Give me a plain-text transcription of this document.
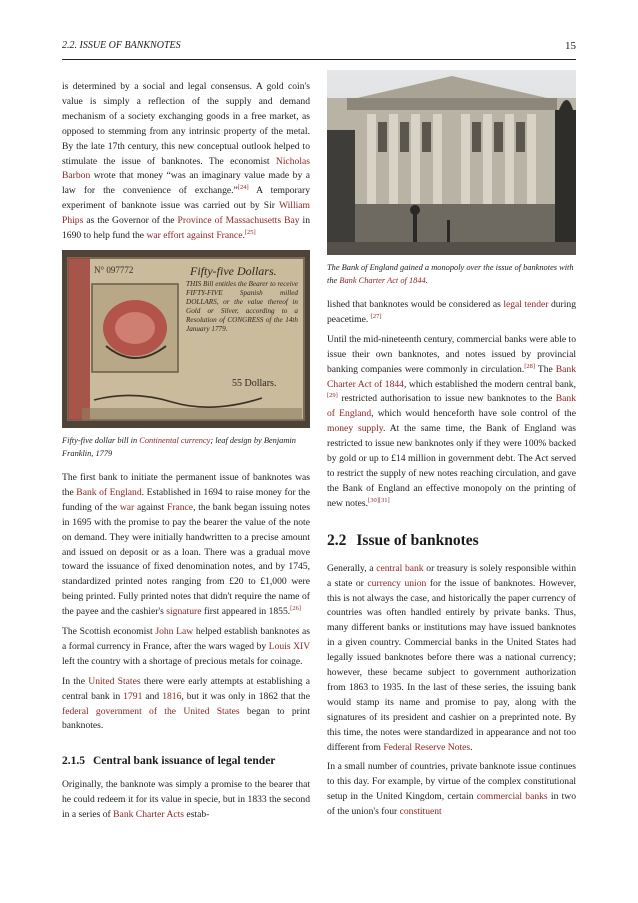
2.2. ISSUE OF BANKNOTES	15

is determined by a social and legal consensus. A gold coin's value is simply a reflection of the supply and demand mechanism of a society exchanging goods in a free market, as opposed to stemming from any intrinsic property of the metal. By the late 17th century, this new conceptual outlook helped to stimulate the issue of banknotes. The economist Nicholas Barbon wrote that money “was an imaginary value made by a law for the convenience of exchange.”[24] A temporary experiment of banknote issue was carried out by Sir William Phips as the Governor of the Province of Massachusetts Bay in 1690 to help fund the war effort against France.[25]

N° 097772	Fifty-five Dollars.
THIS Bill entitles the Bearer to receive FIFTY-FIVE Spanish milled DOLLARS, or the value thereof in Gold or Silver, according to a Resolution of CONGRESS of the 14th January 1779.
55 Dollars.
Fifty-five dollar bill in Continental currency; leaf design by Benjamin Franklin, 1779

The first bank to initiate the permanent issue of banknotes was the Bank of England. Established in 1694 to raise money for the funding of the war against France, the bank began issuing notes in 1695 with the promise to pay the bearer the value of the note on demand. They were initially handwritten to a precise amount and issued on deposit or as a loan. There was a gradual move toward the issuance of fixed denomination notes, and by 1745, standardized printed notes ranging from £20 to £1,000 were being printed. Fully printed notes that didn't require the name of the payee and the cashier's signature first appeared in 1855.[26]

The Scottish economist John Law helped establish banknotes as a formal currency in France, after the wars waged by Louis XIV left the country with a shortage of precious metals for coinage.

In the United States there were early attempts at establishing a central bank in 1791 and 1816, but it was only in 1862 that the federal government of the United States began to print banknotes.

2.1.5 Central bank issuance of legal tender

Originally, the banknote was simply a promise to the bearer that he could redeem it for its value in specie, but in 1833 the second in a series of Bank Charter Acts estab-

The Bank of England gained a monopoly over the issue of banknotes with the Bank Charter Act of 1844.

lished that banknotes would be considered as legal tender during peacetime. [27]

Until the mid-nineteenth century, commercial banks were able to issue their own banknotes, and notes issued by provincial banking companies were commonly in circulation.[28] The Bank Charter Act of 1844, which established the modern central bank,[29] restricted authorisation to issue new banknotes to the Bank of England, which would henceforth have sole control of the money supply. At the same time, the Bank of England was restricted to issue new banknotes only if they were 100% backed by gold or up to £14 million in government debt. The Act served to restrict the supply of new notes reaching circulation, and gave the Bank of England an effective monopoly on the printing of new notes.[30][31]

2.2 Issue of banknotes

Generally, a central bank or treasury is solely responsible within a state or currency union for the issue of banknotes. However, this is not always the case, and historically the paper currency of countries was often handled entirely by private banks. Thus, many different banks or institutions may have issued banknotes in a given country. Commercial banks in the United States had legally issued banknotes before there was a national currency; however, these became subject to government authorization from 1863 to 1935. In the last of these series, the issuing bank would stamp its name and promise to pay, along with the signatures of its president and cashier on a preprinted note. By this time, the notes were standardized in appearance and not too different from Federal Reserve Notes.

In a small number of countries, private banknote issue continues to this day. For example, by virtue of the complex constitutional setup in the United Kingdom, certain commercial banks in two of the union's four constituent
